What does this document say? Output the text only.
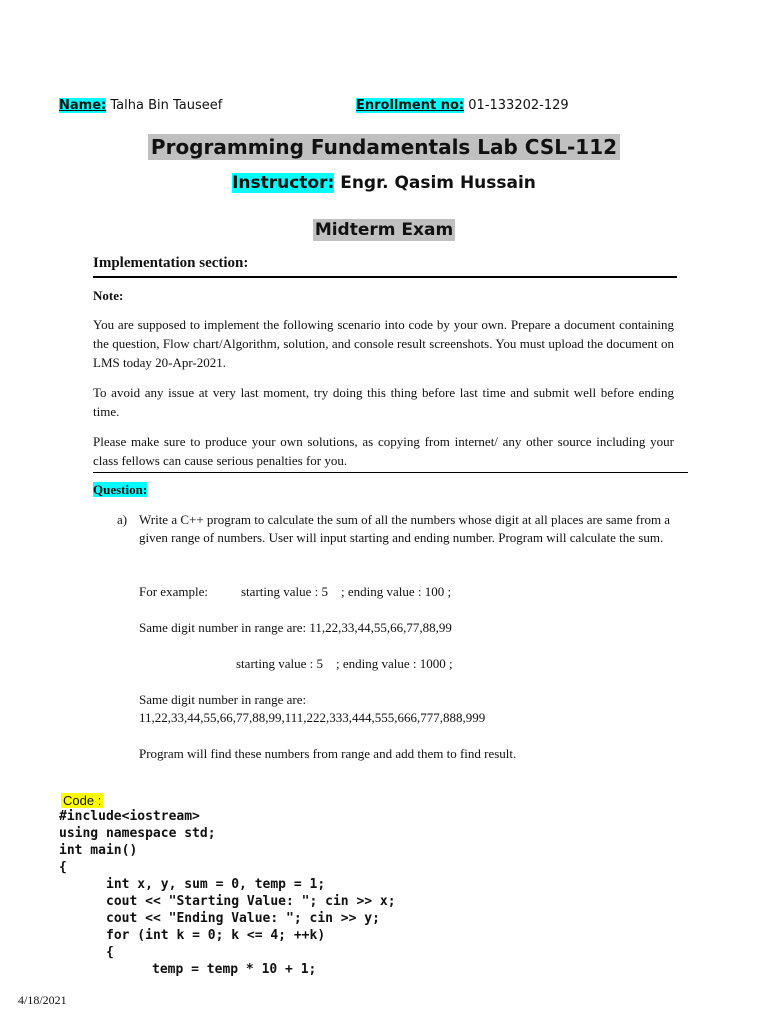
Name: Talha Bin Tauseef	Enrollment no: 01-133202-129
Programming Fundamentals Lab CSL-112
Instructor: Engr. Qasim Hussain
Midterm Exam
Implementation section:
Note:
You are supposed to implement the following scenario into code by your own. Prepare a document containing the question, Flow chart/Algorithm, solution, and console result screenshots. You must upload the document on LMS today 20-Apr-2021.
To avoid any issue at very last moment, try doing this thing before last time and submit well before ending time.
Please make sure to produce your own solutions, as copying from internet/ any other source including your class fellows can cause serious penalties for you.
Question:
a) Write a C++ program to calculate the sum of all the numbers whose digit at all places are same from a given range of numbers. User will input starting and ending number. Program will calculate the sum.
For example:	starting value : 5    ; ending value : 100 ;
Same digit number in range are: 11,22,33,44,55,66,77,88,99
starting value : 5    ; ending value : 1000 ;
Same digit number in range are:
11,22,33,44,55,66,77,88,99,111,222,333,444,555,666,777,888,999
Program will find these numbers from range and add them to find result.
Code :
#include<iostream>
using namespace std;
int main()
{
int x, y, sum = 0, temp = 1;
cout << "Starting Value: "; cin >> x;
cout << "Ending Value: "; cin >> y;
for (int k = 0; k <= 4; ++k)
{
temp = temp * 10 + 1;
4/18/2021
